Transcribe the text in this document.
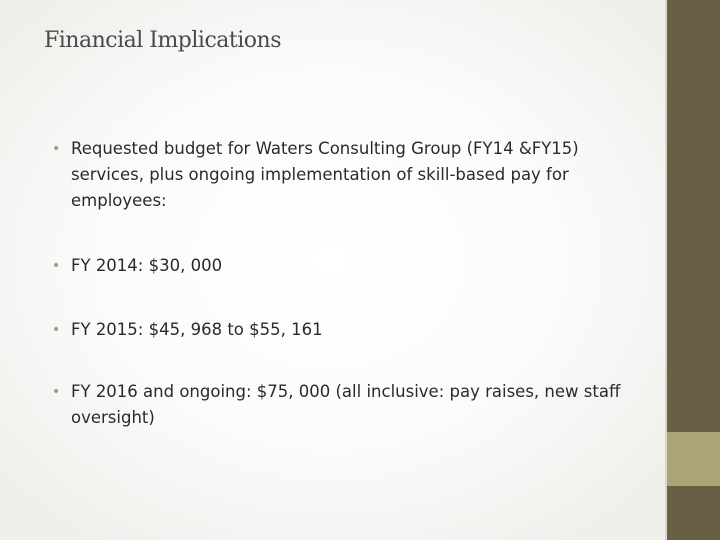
Financial Implications
• Requested budget for Waters Consulting Group (FY14 &FY15) services, plus ongoing implementation of skill-based pay for employees:
• FY 2014: $30, 000
• FY 2015: $45, 968 to $55, 161
• FY 2016 and ongoing: $75, 000 (all inclusive: pay raises, new staff oversight)
